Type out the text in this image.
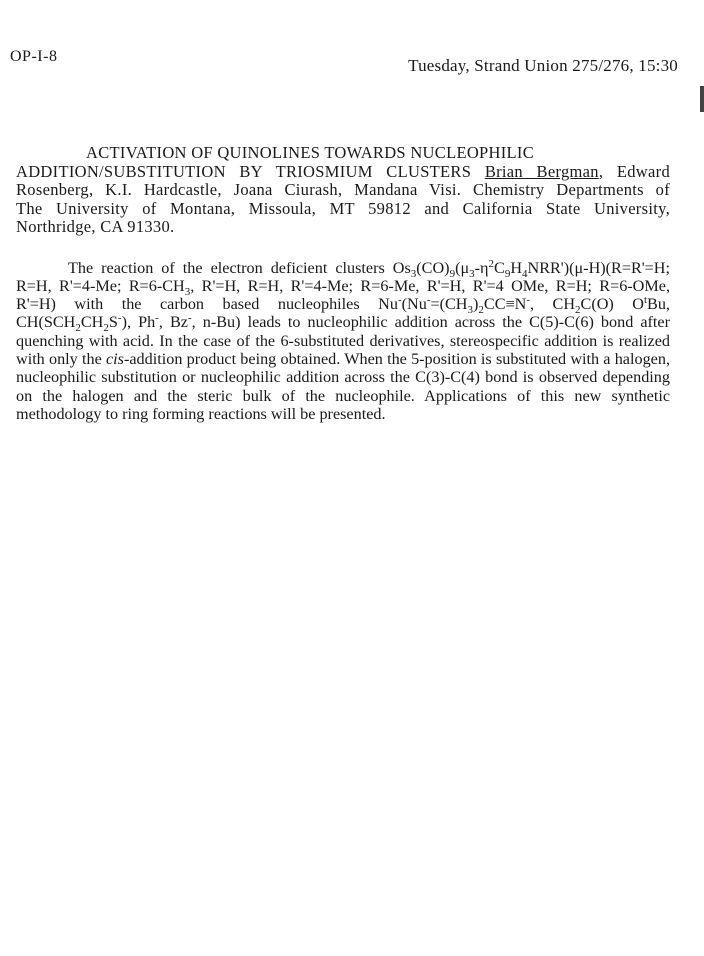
OP-I-8	Tuesday, Strand Union 275/276, 15:30
ACTIVATION OF QUINOLINES TOWARDS NUCLEOPHILIC
ADDITION/SUBSTITUTION BY TRIOSMIUM CLUSTERS Brian Bergman, Edward
Rosenberg, K.I. Hardcastle, Joana Ciurash, Mandana Visi. Chemistry Departments of
The University of Montana, Missoula, MT 59812 and California State University,
Northridge, CA 91330.
The reaction of the electron deficient clusters $Os_3(CO)_9(\mu_3-\eta^2C_9H_4NRR')(\mu-H)(R=R'=H$; R=H, R'=4-Me; $R=6-CH_3$, R'=H, R=H, R'=4-Me; R=6-Me, R'=H, R'=4 OMe, R=H; R=6-OMe, R'=H) with the carbon based nucleophiles $Nu^-(Nu^-=(CH_3)_2CC\equiv N^-$, $CH_2C(O)$ $O^tBu$, $CH(SCH_2CH_2S^-)$, Ph-, Bz-, n-Bu) leads to nucleophilic addition across the C(5)-C(6) bond after quenching with acid. In the case of the 6-substituted derivatives, stereospecific addition is realized with only the cis-addition product being obtained. When the 5-position is substituted with a halogen, nucleophilic substitution or nucleophilic addition across the C(3)-C(4) bond is observed depending on the halogen and the steric bulk of the nucleophile. Applications of this new synthetic methodology to ring forming reactions will be presented.
